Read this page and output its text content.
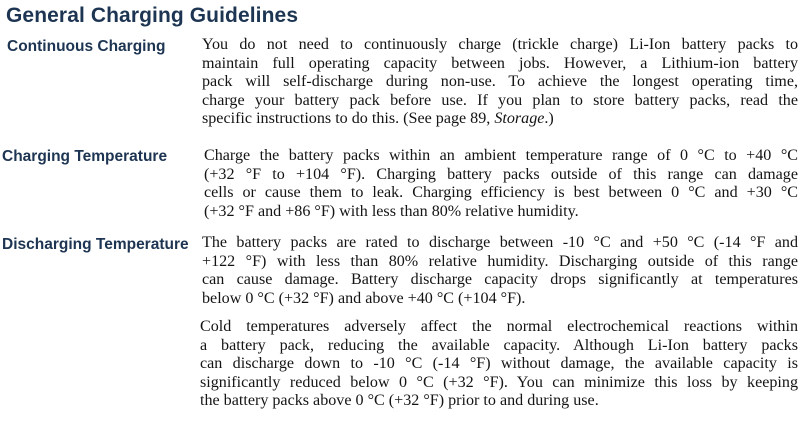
General Charging Guidelines
Continuous Charging You do not need to continuously charge (trickle charge) Li-Ion battery packs to
maintain full operating capacity between jobs. However, a Lithium-ion battery
pack will self-discharge during non-use. To achieve the longest operating time,
charge your battery pack before use. If you plan to store battery packs, read the
specific instructions to do this. (See page 89, Storage.)

Charging Temperature Charge the battery packs within an ambient temperature range of 0 °C to +40 °C
(+32 °F to +104 °F). Charging battery packs outside of this range can damage
cells or cause them to leak. Charging efficiency is best between 0 °C and +30 °C
(+32 °F and +86 °F) with less than 80% relative humidity.

Discharging Temperature The battery packs are rated to discharge between -10 °C and +50 °C (-14 °F and
+122 °F) with less than 80% relative humidity. Discharging outside of this range
can cause damage. Battery discharge capacity drops significantly at temperatures
below 0 °C (+32 °F) and above +40 °C (+104 °F).

Cold temperatures adversely affect the normal electrochemical reactions within
a battery pack, reducing the available capacity. Although Li-Ion battery packs
can discharge down to -10 °C (-14 °F) without damage, the available capacity is
significantly reduced below 0 °C (+32 °F). You can minimize this loss by keeping
the battery packs above 0 °C (+32 °F) prior to and during use.
